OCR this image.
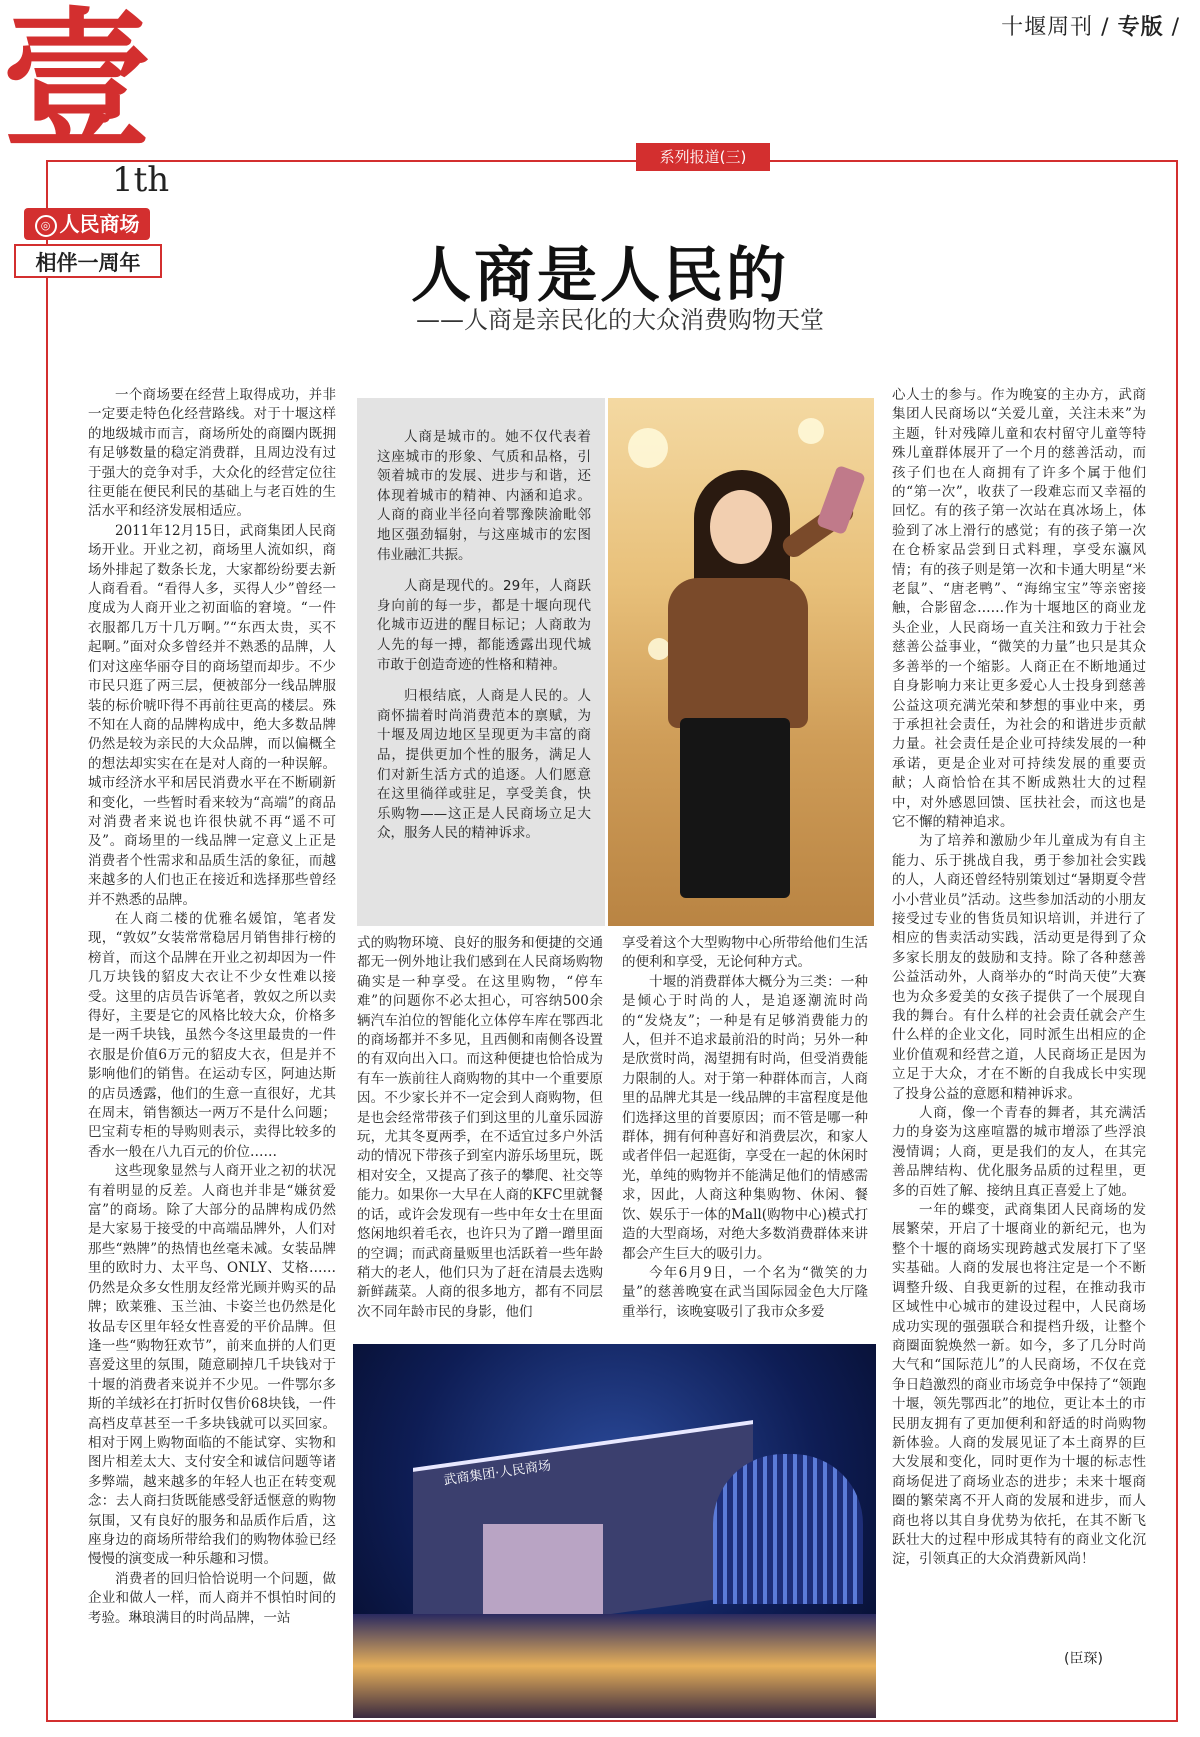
壹
1th
◎ 人民商场
相伴一周年
十堰周刊 / 专版 /
系列报道(三)
人商是人民的
——人商是亲民化的大众消费购物天堂

一个商场要在经营上取得成功，并非一定要走特色化经营路线。对于十堰这样的地级城市而言，商场所处的商圈内既拥有足够数量的稳定消费群，且周边没有过于强大的竞争对手，大众化的经营定位往往更能在便民利民的基础上与老百姓的生活水平和经济发展相适应。

2011年12月15日，武商集团人民商场开业。开业之初，商场里人流如织，商场外排起了数条长龙，大家都纷纷要去新人商看看。“看得人多，买得人少”曾经一度成为人商开业之初面临的窘境。“一件衣服都几万十几万啊。”“东西太贵，买不起啊。”面对众多曾经并不熟悉的品牌，人们对这座华丽夺目的商场望而却步。不少市民只逛了两三层，便被部分一线品牌服装的标价唬吓得不再前往更高的楼层。殊不知在人商的品牌构成中，绝大多数品牌仍然是较为亲民的大众品牌，而以偏概全的想法却实实在在是对人商的一种误解。城市经济水平和居民消费水平在不断刷新和变化，一些暂时看来较为“高端”的商品对消费者来说也许很快就不再“遥不可及”。商场里的一线品牌一定意义上正是消费者个性需求和品质生活的象征，而越来越多的人们也正在接近和选择那些曾经并不熟悉的品牌。

在人商二楼的优雅名媛馆，笔者发现，“敦奴”女装常常稳居月销售排行榜的榜首，而这个品牌在开业之初却因为一件几万块钱的貂皮大衣让不少女性难以接受。这里的店员告诉笔者，敦奴之所以卖得好，主要是它的风格比较大众，价格多是一两千块钱，虽然今冬这里最贵的一件衣服是价值6万元的貂皮大衣，但是并不影响他们的销售。在运动专区，阿迪达斯的店员透露，他们的生意一直很好，尤其在周末，销售额达一两万不是什么问题；巴宝莉专柜的导购则表示，卖得比较多的香水一般在八九百元的价位……

这些现象显然与人商开业之初的状况有着明显的反差。人商也并非是“嫌贫爱富”的商场。除了大部分的品牌构成仍然是大家易于接受的中高端品牌外，人们对那些“熟牌”的热情也丝毫未减。女装品牌里的欧时力、太平鸟、ONLY、艾格……仍然是众多女性朋友经常光顾并购买的品牌；欧莱雅、玉兰油、卡姿兰也仍然是化妆品专区里年轻女性喜爱的平价品牌。但逢一些“购物狂欢节”，前来血拼的人们更喜爱这里的氛围，随意刷掉几千块钱对于十堰的消费者来说并不少见。一件鄂尔多斯的羊绒衫在打折时仅售价68块钱，一件高档皮草甚至一千多块钱就可以买回家。相对于网上购物面临的不能试穿、实物和图片相差太大、支付安全和诚信问题等诸多弊端，越来越多的年轻人也正在转变观念：去人商扫货既能感受舒适惬意的购物氛围，又有良好的服务和品质作后盾，这座身边的商场所带给我们的购物体验已经慢慢的演变成一种乐趣和习惯。

消费者的回归恰恰说明一个问题，做企业和做人一样，而人商并不惧怕时间的考验。琳琅满目的时尚品牌，一站

人商是城市的。她不仅代表着这座城市的形象、气质和品格，引领着城市的发展、进步与和谐，还体现着城市的精神、内涵和追求。人商的商业半径向着鄂豫陕渝毗邻地区强劲辐射，与这座城市的宏图伟业融汇共振。

人商是现代的。29年，人商跃身向前的每一步，都是十堰向现代化城市迈进的醒目标记；人商敢为人先的每一搏，都能透露出现代城市敢于创造奇迹的性格和精神。

归根结底，人商是人民的。人商怀揣着时尚消费范本的禀赋，为十堰及周边地区呈现更为丰富的商品，提供更加个性的服务，满足人们对新生活方式的追逐。人们愿意在这里徜徉或驻足，享受美食，快乐购物——这正是人民商场立足大众，服务人民的精神诉求。

式的购物环境、良好的服务和便捷的交通都无一例外地让我们感到在人民商场购物确实是一种享受。在这里购物，“停车难”的问题你不必太担心，可容纳500余辆汽车泊位的智能化立体停车库在鄂西北的商场都并不多见，且西侧和南侧各设置的有双向出入口。而这种便捷也恰恰成为有车一族前往人商购物的其中一个重要原因。不少家长并不一定会到人商购物，但是也会经常带孩子们到这里的儿童乐园游玩，尤其冬夏两季，在不适宜过多户外活动的情况下带孩子到室内游乐场里玩，既相对安全，又提高了孩子的攀爬、社交等能力。如果你一大早在人商的KFC里就餐的话，或许会发现有一些中年女士在里面悠闲地织着毛衣，也许只为了蹭一蹭里面的空调；而武商量贩里也活跃着一些年龄稍大的老人，他们只为了赶在清晨去选购新鲜蔬菜。人商的很多地方，都有不同层次不同年龄市民的身影，他们

享受着这个大型购物中心所带给他们生活的便利和享受，无论何种方式。

十堰的消费群体大概分为三类：一种是倾心于时尚的人，是追逐潮流时尚的“发烧友”；一种是有足够消费能力的人，但并不追求最前沿的时尚；另外一种是欣赏时尚，渴望拥有时尚，但受消费能力限制的人。对于第一种群体而言，人商里的品牌尤其是一线品牌的丰富程度是他们选择这里的首要原因；而不管是哪一种群体，拥有何种喜好和消费层次，和家人或者伴侣一起逛街，享受在一起的休闲时光，单纯的购物并不能满足他们的情感需求，因此，人商这种集购物、休闲、餐饮、娱乐于一体的Mall(购物中心)模式打造的大型商场，对绝大多数消费群体来讲都会产生巨大的吸引力。

今年6月9日，一个名为“微笑的力量”的慈善晚宴在武当国际园金色大厅隆重举行，该晚宴吸引了我市众多爱

武商集团·人民商场

心人士的参与。作为晚宴的主办方，武商集团人民商场以“关爱儿童，关注未来”为主题，针对残障儿童和农村留守儿童等特殊儿童群体展开了一个月的慈善活动，而孩子们也在人商拥有了许多个属于他们的“第一次”，收获了一段难忘而又幸福的回忆。有的孩子第一次站在真冰场上，体验到了冰上滑行的感觉；有的孩子第一次在仓桥家品尝到日式料理，享受东瀛风情；有的孩子则是第一次和卡通大明星“米老鼠”、“唐老鸭”、“海绵宝宝”等亲密接触，合影留念……作为十堰地区的商业龙头企业，人民商场一直关注和致力于社会慈善公益事业，“微笑的力量”也只是其众多善举的一个缩影。人商正在不断地通过自身影响力来让更多爱心人士投身到慈善公益这项充满光荣和梦想的事业中来，勇于承担社会责任，为社会的和谐进步贡献力量。社会责任是企业可持续发展的一种承诺，更是企业对可持续发展的重要贡献；人商恰恰在其不断成熟壮大的过程中，对外感恩回馈、匡扶社会，而这也是它不懈的精神追求。

为了培养和激励少年儿童成为有自主能力、乐于挑战自我，勇于参加社会实践的人，人商还曾经特别策划过“暑期夏令营小小营业员”活动。这些参加活动的小朋友接受过专业的售货员知识培训，并进行了相应的售卖活动实践，活动更是得到了众多家长朋友的鼓励和支持。除了各种慈善公益活动外，人商举办的“时尚天使”大赛也为众多爱美的女孩子提供了一个展现自我的舞台。有什么样的社会责任就会产生什么样的企业文化，同时派生出相应的企业价值观和经营之道，人民商场正是因为立足于大众，才在不断的自我成长中实现了投身公益的意愿和精神诉求。

人商，像一个青春的舞者，其充满活力的身姿为这座喧嚣的城市增添了些浮浪漫情调；人商，更是我们的友人，在其完善品牌结构、优化服务品质的过程里，更多的百姓了解、接纳且真正喜爱上了她。

一年的蝶变，武商集团人民商场的发展繁荣，开启了十堰商业的新纪元，也为整个十堰的商场实现跨越式发展打下了坚实基础。人商的发展也将注定是一个不断调整升级、自我更新的过程，在推动我市区域性中心城市的建设过程中，人民商场成功实现的强强联合和提档升级，让整个商圈面貌焕然一新。如今，多了几分时尚大气和“国际范儿”的人民商场，不仅在竞争日趋激烈的商业市场竞争中保持了“领跑十堰，领先鄂西北”的地位，更让本土的市民朋友拥有了更加便利和舒适的时尚购物新体验。人商的发展见证了本土商界的巨大发展和变化，同时更作为十堰的标志性商场促进了商场业态的进步；未来十堰商圈的繁荣离不开人商的发展和进步，而人商也将以其自身优势为依托，在其不断飞跃壮大的过程中形成其特有的商业文化沉淀，引领真正的大众消费新风尚！

(臣琛)
